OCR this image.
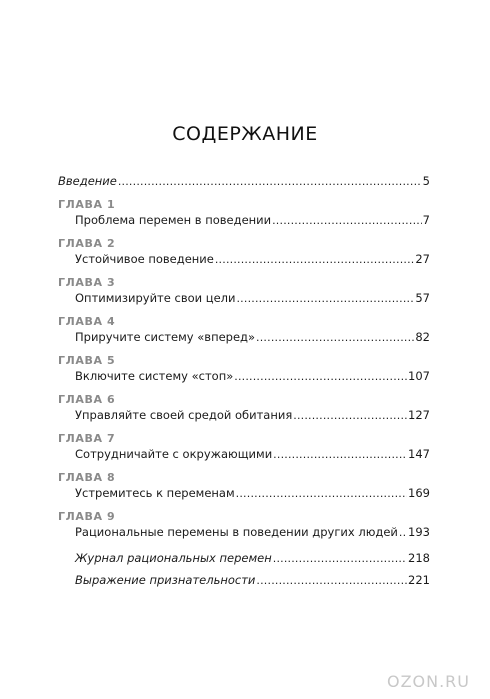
СОДЕРЖАНИЕ
Введение .....	5
ГЛАВА 1
Проблема перемен в поведении .....	7
ГЛАВА 2
Устойчивое поведение .....	27
ГЛАВА 3
Оптимизируйте свои цели .....	57
ГЛАВА 4
Приручите систему «вперед» .....	82
ГЛАВА 5
Включите систему «стоп» .....	107
ГЛАВА 6
Управляйте своей средой обитания .....	127
ГЛАВА 7
Сотрудничайте с окружающими .....	147
ГЛАВА 8
Устремитесь к переменам .....	169
ГЛАВА 9
Рациональные перемены в поведении других людей ..... 193
Журнал рациональных перемен .....	218
Выражение признательности .....	221
OZON.RU
